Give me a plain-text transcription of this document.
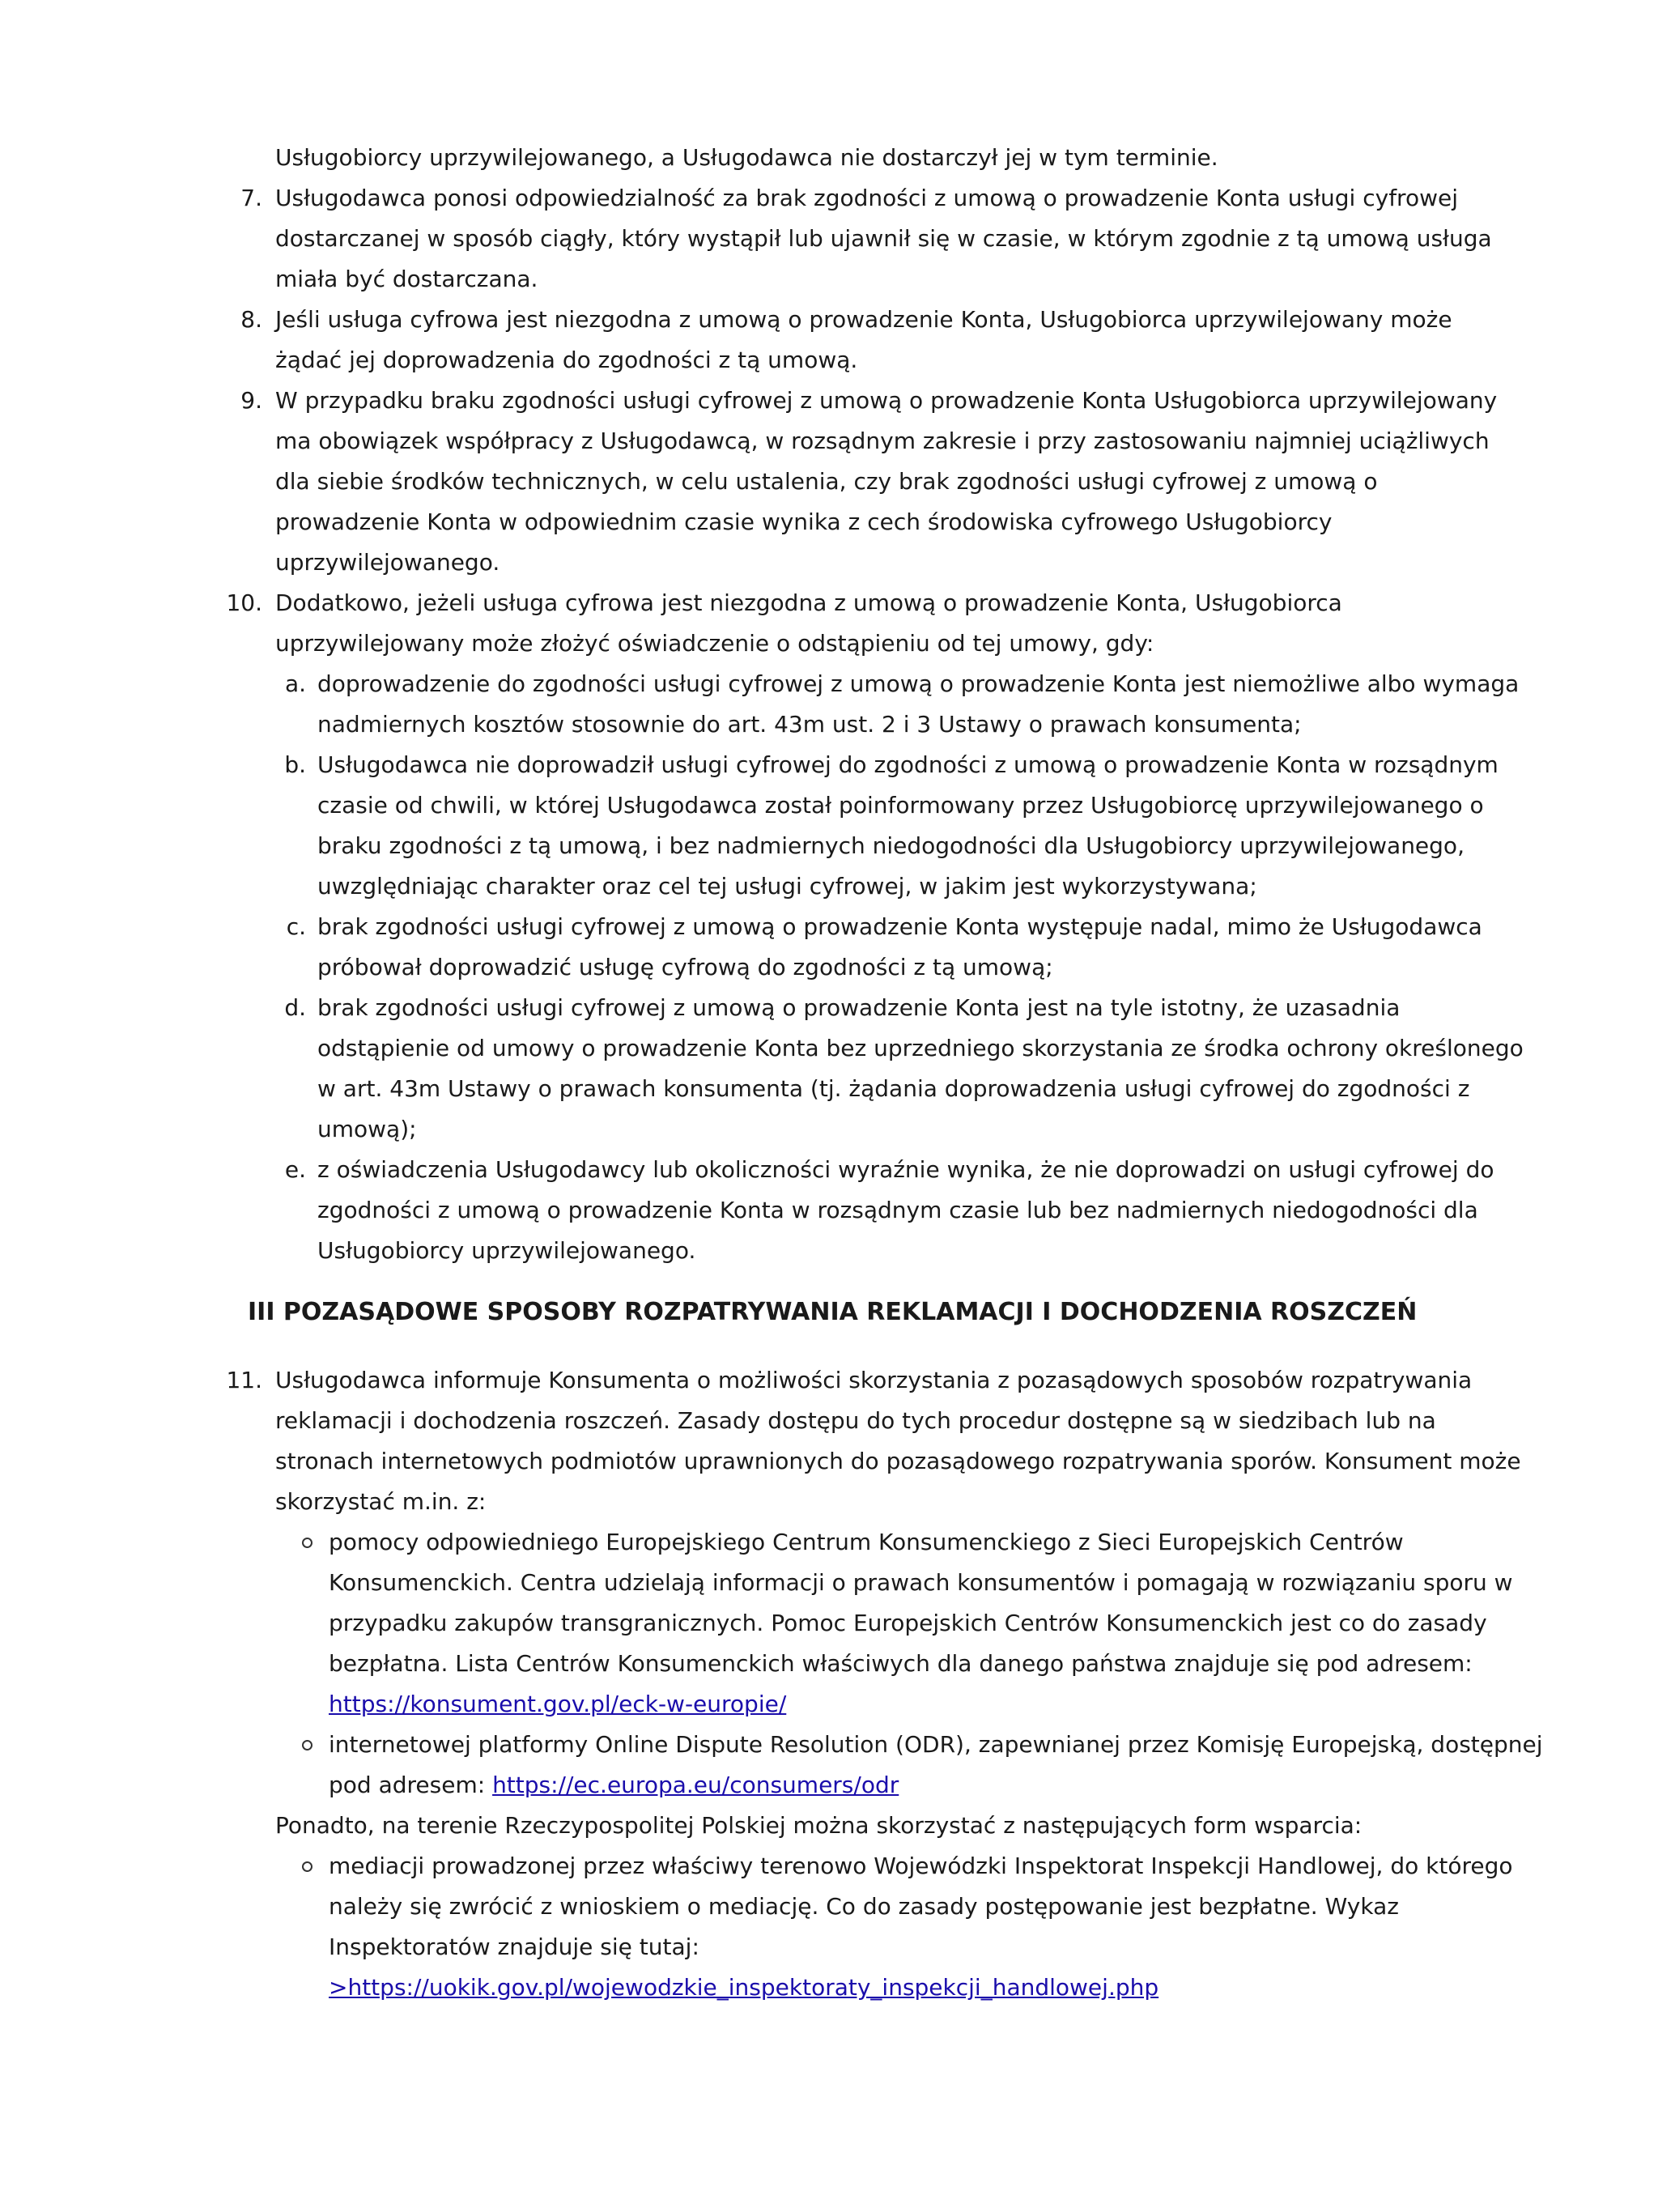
Usługobiorcy uprzywilejowanego, a Usługodawca nie dostarczył jej w tym terminie.
7. Usługodawca ponosi odpowiedzialność za brak zgodności z umową o prowadzenie Konta usługi cyfrowej dostarczanej w sposób ciągły, który wystąpił lub ujawnił się w czasie, w którym zgodnie z tą umową usługa miała być dostarczana.
8. Jeśli usługa cyfrowa jest niezgodna z umową o prowadzenie Konta, Usługobiorca uprzywilejowany może żądać jej doprowadzenia do zgodności z tą umową.
9. W przypadku braku zgodności usługi cyfrowej z umową o prowadzenie Konta Usługobiorca uprzywilejowany ma obowiązek współpracy z Usługodawcą, w rozsądnym zakresie i przy zastosowaniu najmniej uciążliwych dla siebie środków technicznych, w celu ustalenia, czy brak zgodności usługi cyfrowej z umową o prowadzenie Konta w odpowiednim czasie wynika z cech środowiska cyfrowego Usługobiorcy uprzywilejowanego.
10. Dodatkowo, jeżeli usługa cyfrowa jest niezgodna z umową o prowadzenie Konta, Usługobiorca uprzywilejowany może złożyć oświadczenie o odstąpieniu od tej umowy, gdy:
a. doprowadzenie do zgodności usługi cyfrowej z umową o prowadzenie Konta jest niemożliwe albo wymaga nadmiernych kosztów stosownie do art. 43m ust. 2 i 3 Ustawy o prawach konsumenta;
b. Usługodawca nie doprowadził usługi cyfrowej do zgodności z umową o prowadzenie Konta w rozsądnym czasie od chwili, w której Usługodawca został poinformowany przez Usługobiorcę uprzywilejowanego o braku zgodności z tą umową, i bez nadmiernych niedogodności dla Usługobiorcy uprzywilejowanego, uwzględniając charakter oraz cel tej usługi cyfrowej, w jakim jest wykorzystywana;
c. brak zgodności usługi cyfrowej z umową o prowadzenie Konta występuje nadal, mimo że Usługodawca próbował doprowadzić usługę cyfrową do zgodności z tą umową;
d. brak zgodności usługi cyfrowej z umową o prowadzenie Konta jest na tyle istotny, że uzasadnia odstąpienie od umowy o prowadzenie Konta bez uprzedniego skorzystania ze środka ochrony określonego w art. 43m Ustawy o prawach konsumenta (tj. żądania doprowadzenia usługi cyfrowej do zgodności z umową);
e. z oświadczenia Usługodawcy lub okoliczności wyraźnie wynika, że nie doprowadzi on usługi cyfrowej do zgodności z umową o prowadzenie Konta w rozsądnym czasie lub bez nadmiernych niedogodności dla Usługobiorcy uprzywilejowanego.
III POZASĄDOWE SPOSOBY ROZPATRYWANIA REKLAMACJI I DOCHODZENIA ROSZCZEŃ
11. Usługodawca informuje Konsumenta o możliwości skorzystania z pozasądowych sposobów rozpatrywania reklamacji i dochodzenia roszczeń. Zasady dostępu do tych procedur dostępne są w siedzibach lub na stronach internetowych podmiotów uprawnionych do pozasądowego rozpatrywania sporów. Konsument może skorzystać m.in. z:
pomocy odpowiedniego Europejskiego Centrum Konsumenckiego z Sieci Europejskich Centrów Konsumenckich. Centra udzielają informacji o prawach konsumentów i pomagają w rozwiązaniu sporu w przypadku zakupów transgranicznych. Pomoc Europejskich Centrów Konsumenckich jest co do zasady bezpłatna. Lista Centrów Konsumenckich właściwych dla danego państwa znajduje się pod adresem:
https://konsument.gov.pl/eck-w-europie/
internetowej platformy Online Dispute Resolution (ODR), zapewnianej przez Komisję Europejską, dostępnej pod adresem: https://ec.europa.eu/consumers/odr
Ponadto, na terenie Rzeczypospolitej Polskiej można skorzystać z następujących form wsparcia:
mediacji prowadzonej przez właściwy terenowo Wojewódzki Inspektorat Inspekcji Handlowej, do którego należy się zwrócić z wnioskiem o mediację. Co do zasady postępowanie jest bezpłatne. Wykaz Inspektoratów znajduje się tutaj:
>https://uokik.gov.pl/wojewodzkie_inspektoraty_inspekcji_handlowej.php
